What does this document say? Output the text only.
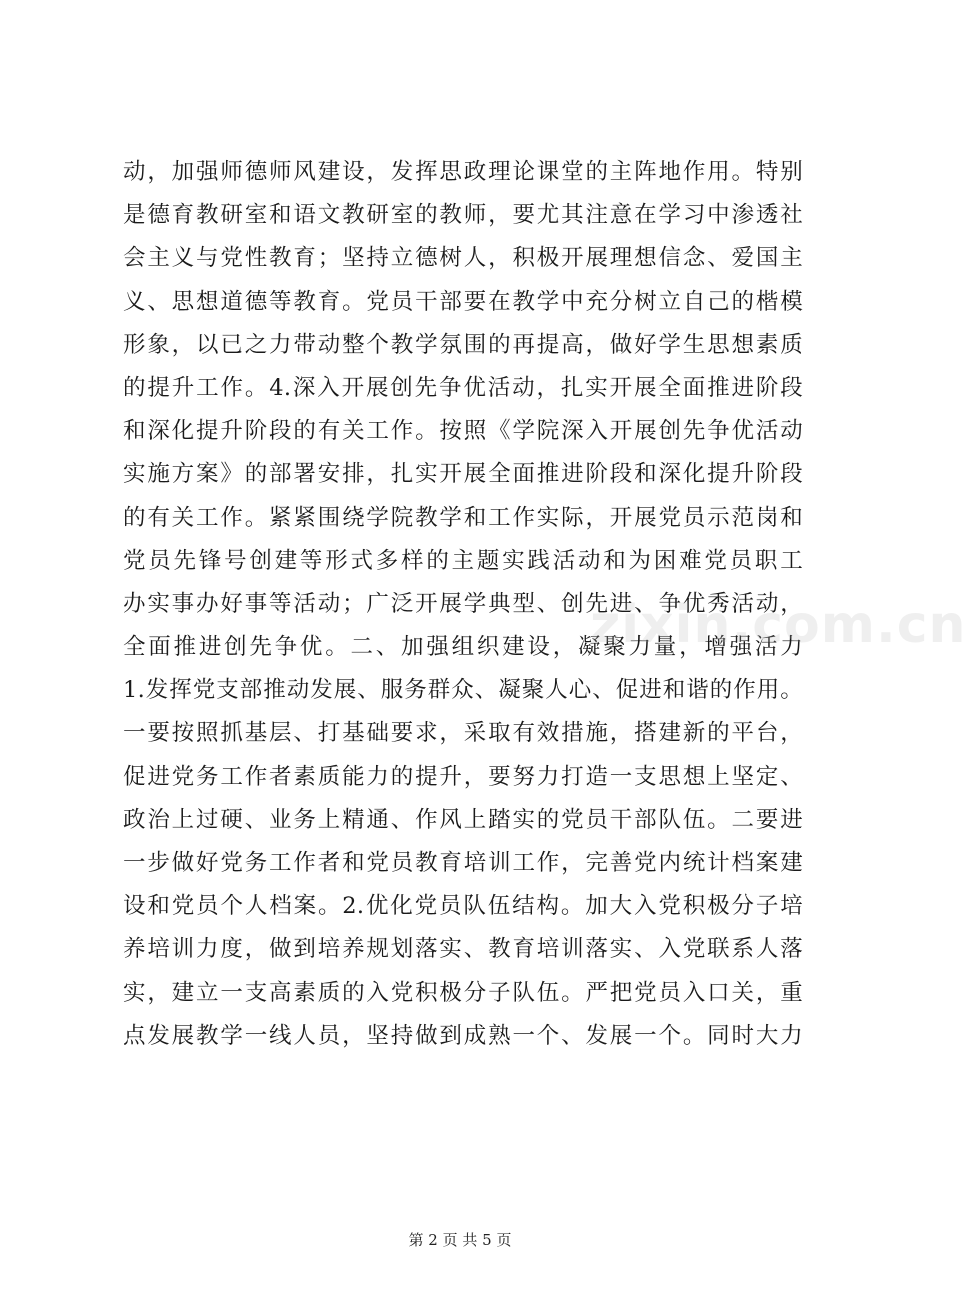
动，加强师德师风建设，发挥思政理论课堂的主阵地作用。特别
是德育教研室和语文教研室的教师，要尤其注意在学习中渗透社
会主义与党性教育；坚持立德树人，积极开展理想信念、爱国主
义、思想道德等教育。党员干部要在教学中充分树立自己的楷模
形象，以已之力带动整个教学氛围的再提高，做好学生思想素质
的提升工作。4.深入开展创先争优活动，扎实开展全面推进阶段
和深化提升阶段的有关工作。按照《学院深入开展创先争优活动
实施方案》的部署安排，扎实开展全面推进阶段和深化提升阶段
的有关工作。紧紧围绕学院教学和工作实际，开展党员示范岗和
党员先锋号创建等形式多样的主题实践活动和为困难党员职工
办实事办好事等活动；广泛开展学典型、创先进、争优秀活动，
全面推进创先争优。二、加强组织建设，凝聚力量，增强活力
1.发挥党支部推动发展、服务群众、凝聚人心、促进和谐的作用。
一要按照抓基层、打基础要求，采取有效措施，搭建新的平台，
促进党务工作者素质能力的提升，要努力打造一支思想上坚定、
政治上过硬、业务上精通、作风上踏实的党员干部队伍。二要进
一步做好党务工作者和党员教育培训工作，完善党内统计档案建
设和党员个人档案。2.优化党员队伍结构。加大入党积极分子培
养培训力度，做到培养规划落实、教育培训落实、入党联系人落
实，建立一支高素质的入党积极分子队伍。严把党员入口关，重
点发展教学一线人员，坚持做到成熟一个、发展一个。同时大力
zixin.com.cn
第 2 页 共 5 页
